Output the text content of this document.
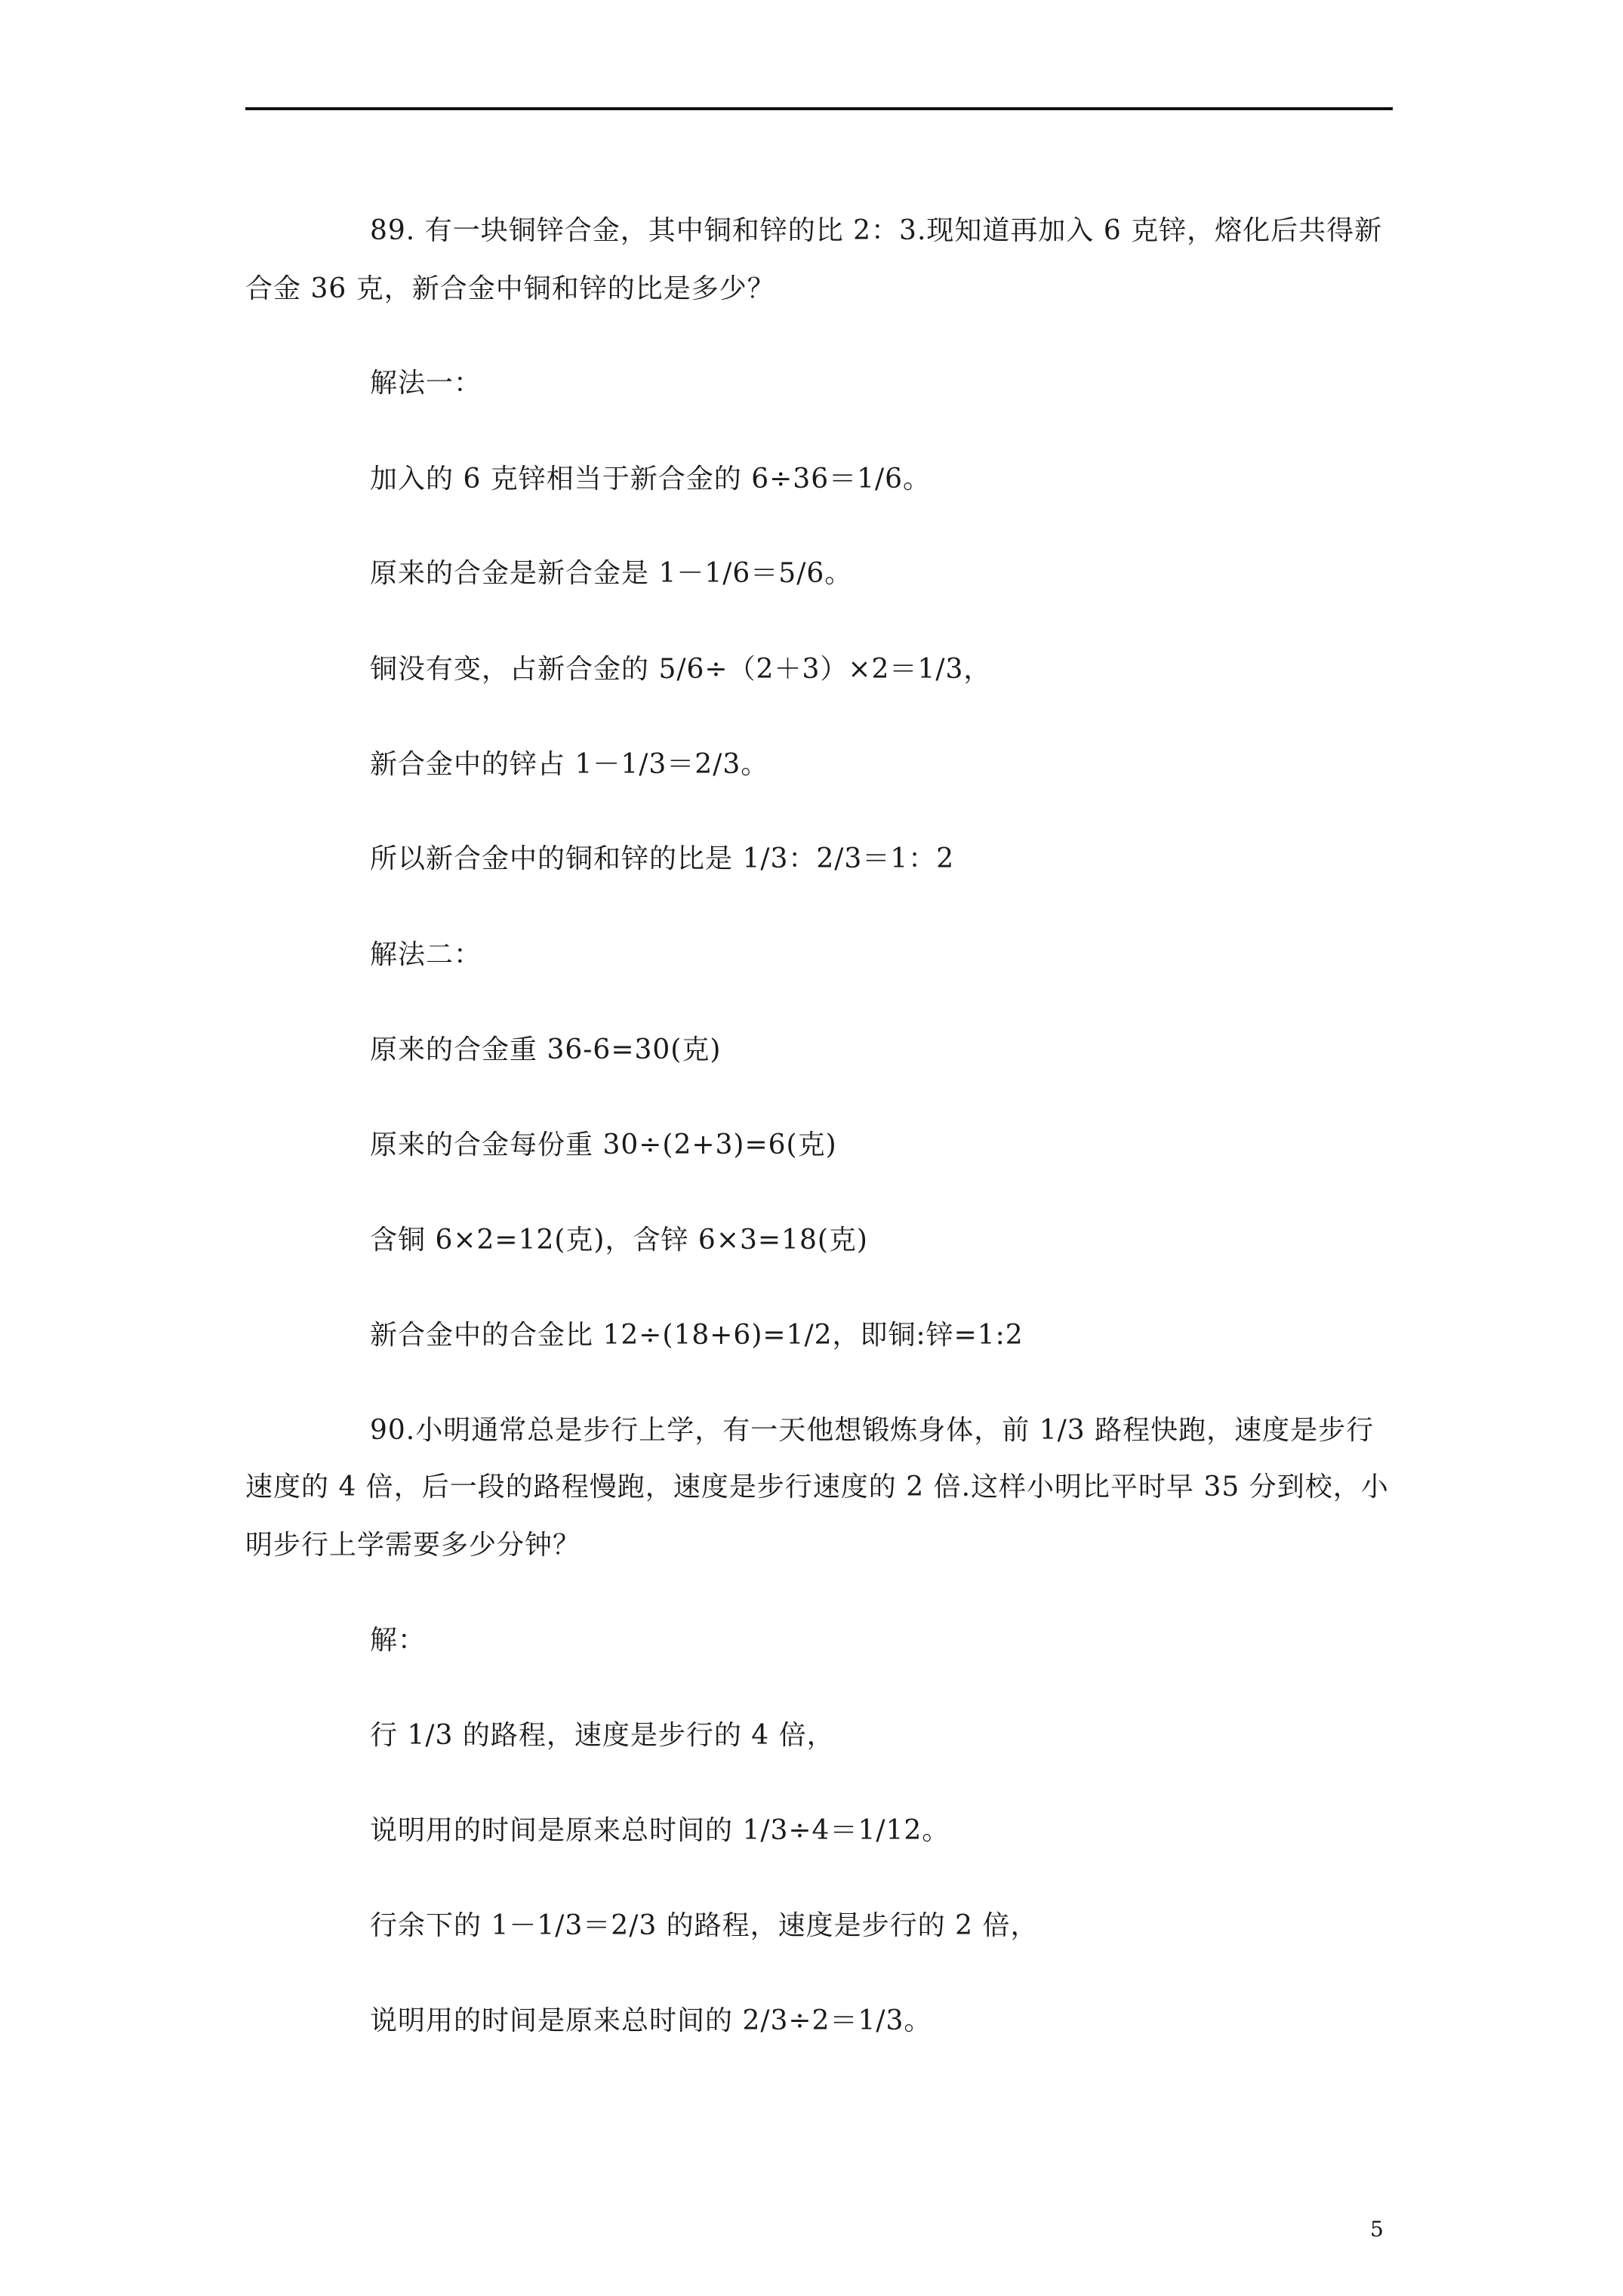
89. 有一块铜锌合金，其中铜和锌的比 2：3.现知道再加入 6 克锌，熔化后共得新
合金 36 克，新合金中铜和锌的比是多少？
解法一：
加入的 6 克锌相当于新合金的 6÷36＝1/6。
原来的合金是新合金是 1－1/6＝5/6。
铜没有变，占新合金的 5/6÷（2＋3）×2＝1/3，
新合金中的锌占 1－1/3＝2/3。
所以新合金中的铜和锌的比是 1/3：2/3＝1：2
解法二：
原来的合金重 36-6=30(克)
原来的合金每份重 30÷(2+3)=6(克)
含铜 6×2=12(克)，含锌 6×3=18(克)
新合金中的合金比 12÷(18+6)=1/2，即铜:锌=1:2
90.小明通常总是步行上学，有一天他想锻炼身体，前 1/3 路程快跑，速度是步行
速度的 4 倍，后一段的路程慢跑，速度是步行速度的 2 倍.这样小明比平时早 35 分到校，小
明步行上学需要多少分钟？
解：
行 1/3 的路程，速度是步行的 4 倍，
说明用的时间是原来总时间的 1/3÷4＝1/12。
行余下的 1－1/3＝2/3 的路程，速度是步行的 2 倍，
说明用的时间是原来总时间的 2/3÷2＝1/3。
5
